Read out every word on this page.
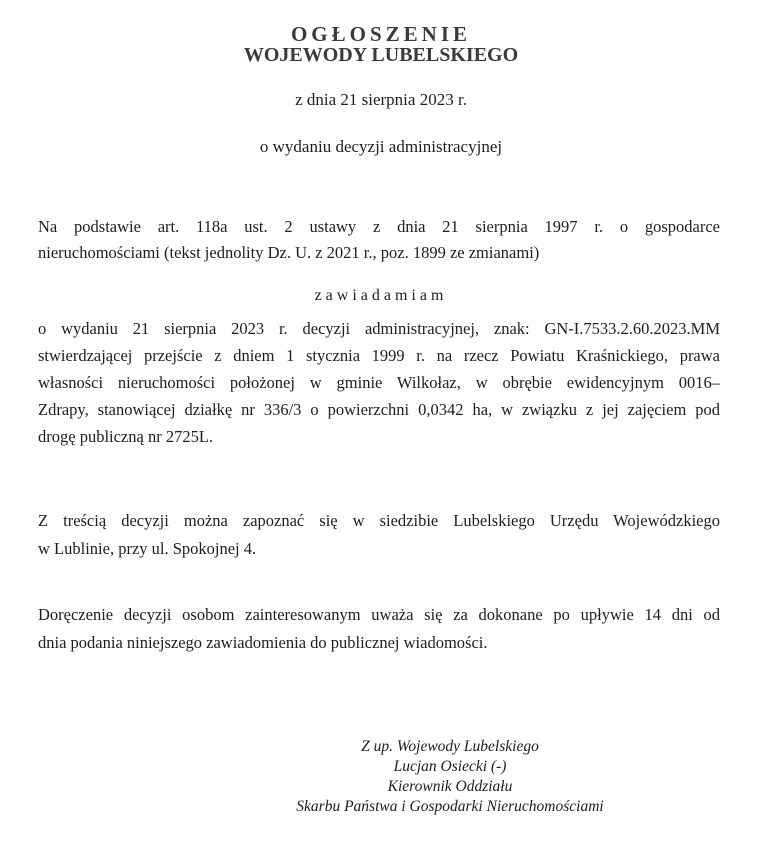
OGŁOSZENIE
WOJEWODY LUBELSKIEGO
z dnia 21 sierpnia 2023 r.
o wydaniu decyzji administracyjnej
Na podstawie art. 118a ust. 2 ustawy z dnia 21 sierpnia 1997 r. o gospodarce
nieruchomościami (tekst jednolity Dz. U. z 2021 r., poz. 1899 ze zmianami)
zawiadamiam
o wydaniu 21 sierpnia 2023 r. decyzji administracyjnej, znak: GN-I.7533.2.60.2023.MM
stwierdzającej przejście z dniem 1 stycznia 1999 r. na rzecz Powiatu Kraśnickiego, prawa
własności nieruchomości położonej w gminie Wilkołaz, w obrębie ewidencyjnym 0016–
Zdrapy, stanowiącej działkę nr 336/3 o powierzchni 0,0342 ha, w związku z jej zajęciem pod
drogę publiczną nr 2725L.
Z treścią decyzji można zapoznać się w siedzibie Lubelskiego Urzędu Wojewódzkiego
w Lublinie, przy ul. Spokojnej 4.
Doręczenie decyzji osobom zainteresowanym uważa się za dokonane po upływie 14 dni od
dnia podania niniejszego zawiadomienia do publicznej wiadomości.
Z up. Wojewody Lubelskiego
Lucjan Osiecki (-)
Kierownik Oddziału
Skarbu Państwa i Gospodarki Nieruchomościami
